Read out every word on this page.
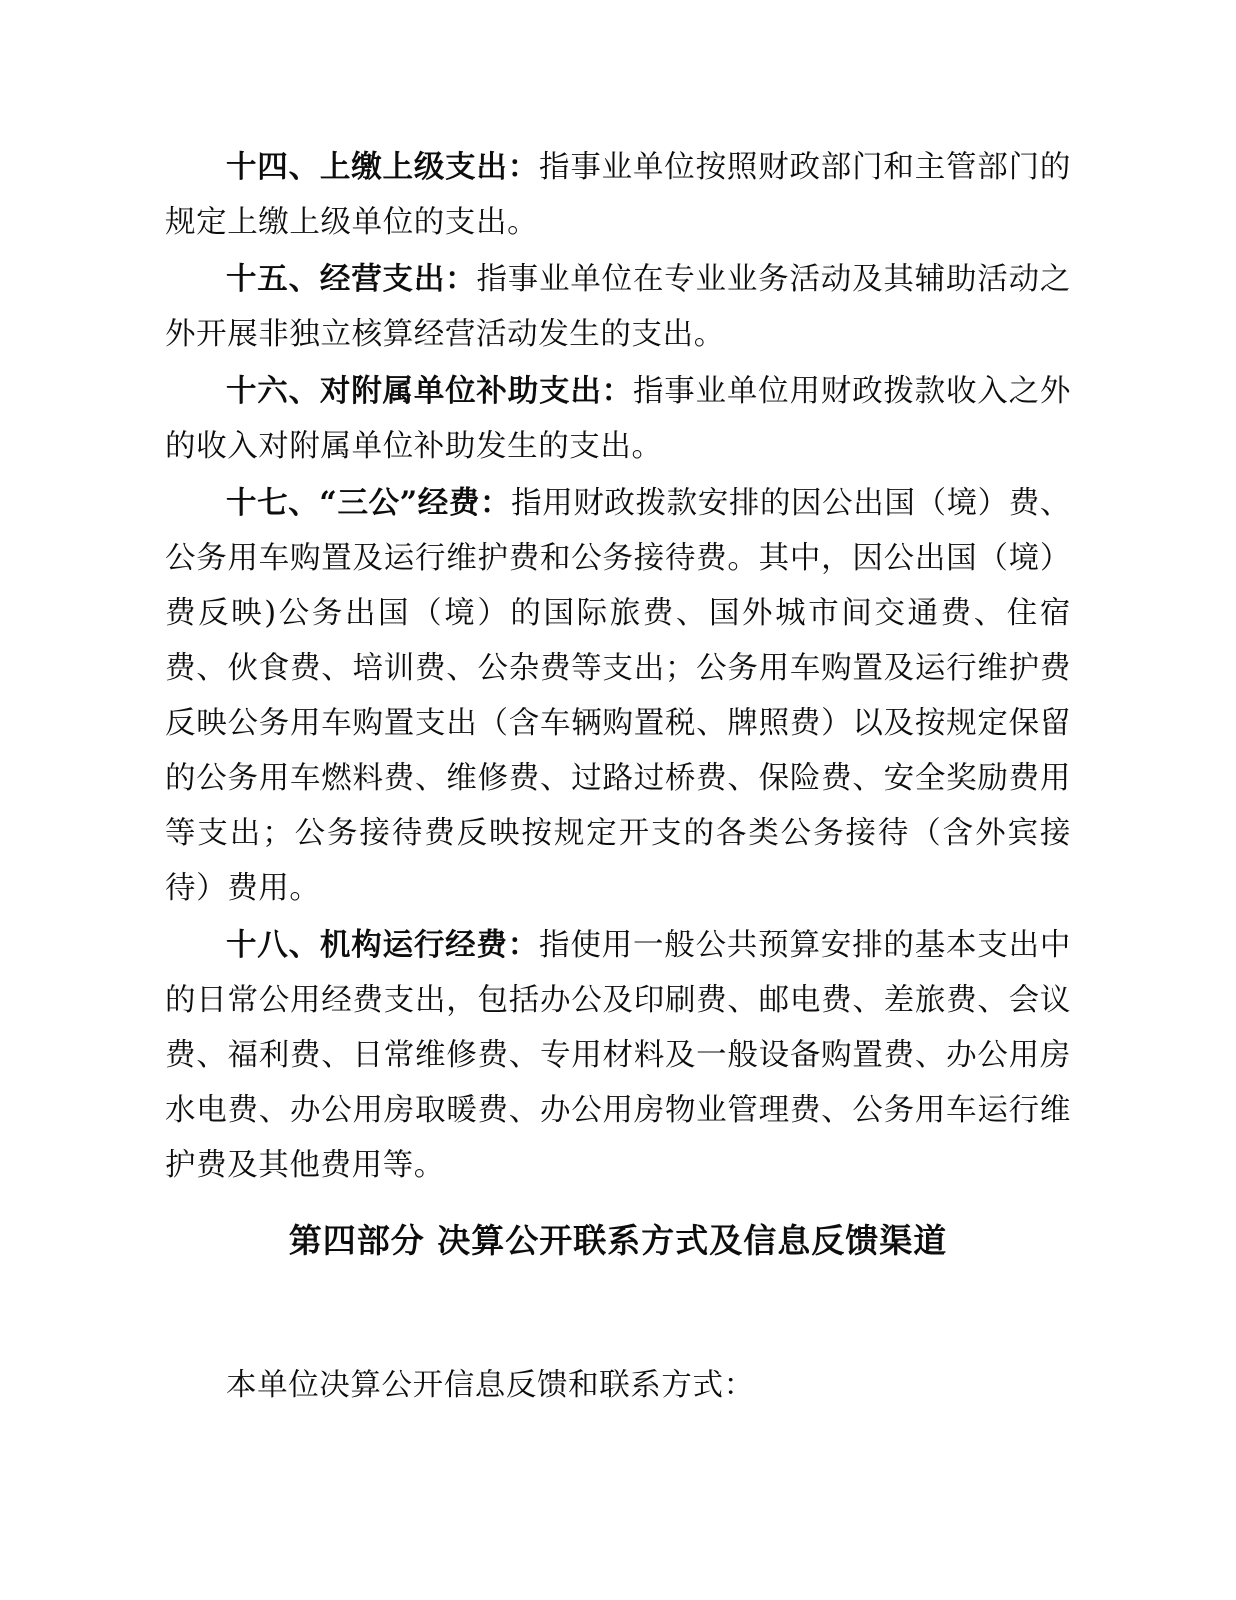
十四、上缴上级支出：指事业单位按照财政部门和主管部门的规定上缴上级单位的支出。

十五、经营支出：指事业单位在专业业务活动及其辅助活动之外开展非独立核算经营活动发生的支出。

十六、对附属单位补助支出：指事业单位用财政拨款收入之外的收入对附属单位补助发生的支出。

十七、“三公”经费：指用财政拨款安排的因公出国（境）费、公务用车购置及运行维护费和公务接待费。其中，因公出国（境）费反映)公务出国（境）的国际旅费、国外城市间交通费、住宿费、伙食费、培训费、公杂费等支出；公务用车购置及运行维护费反映公务用车购置支出（含车辆购置税、牌照费）以及按规定保留的公务用车燃料费、维修费、过路过桥费、保险费、安全奖励费用等支出；公务接待费反映按规定开支的各类公务接待（含外宾接待）费用。

十八、机构运行经费：指使用一般公共预算安排的基本支出中的日常公用经费支出，包括办公及印刷费、邮电费、差旅费、会议费、福利费、日常维修费、专用材料及一般设备购置费、办公用房水电费、办公用房取暖费、办公用房物业管理费、公务用车运行维护费及其他费用等。

第四部分 决算公开联系方式及信息反馈渠道

本单位决算公开信息反馈和联系方式：
